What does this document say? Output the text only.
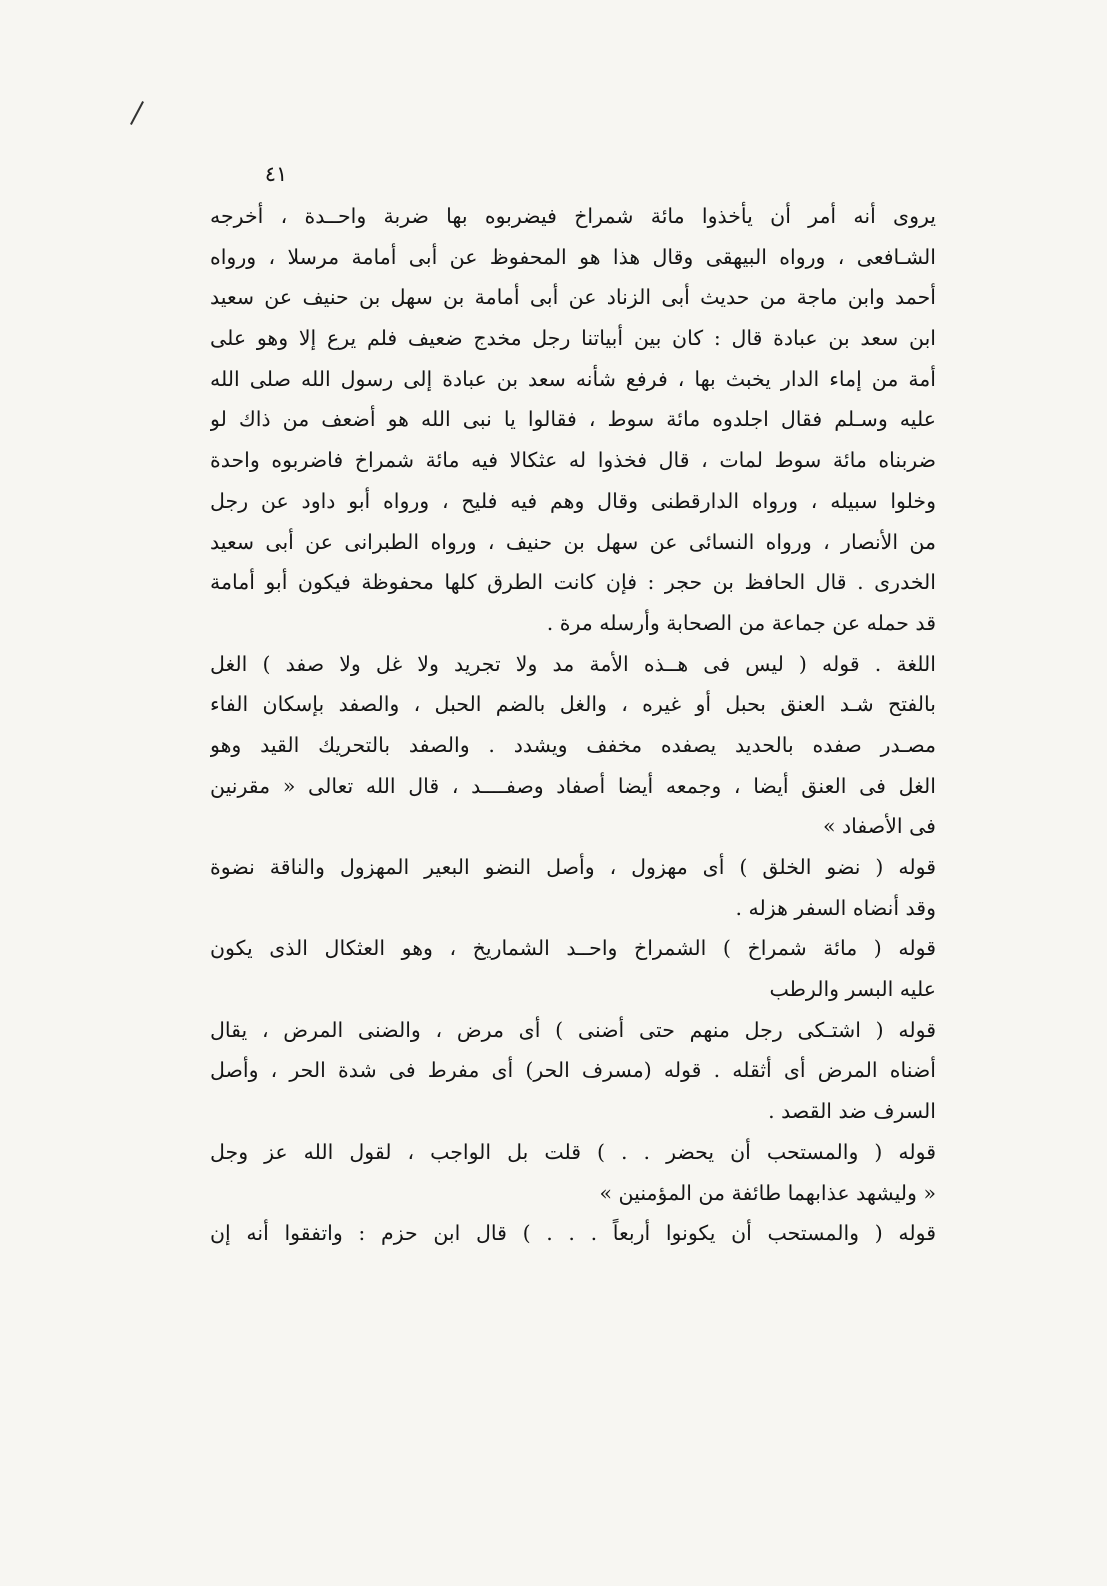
٤١
يروى أنه أمر أن يأخذوا مائة شمراخ فيضربوه بها ضربة واحــدة ، أخرجه
الشـافعى ، ورواه البيهقى وقال هذا هو المحفوظ عن أبى أمامة مرسلا ، ورواه
أحمد وابن ماجة من حديث أبى الزناد عن أبى أمامة بن سهل بن حنيف عن سعيد
ابن سعد بن عبادة قال : كان بين أبياتنا رجل مخدج ضعيف فلم يرع إلا وهو على
أمة من إماء الدار يخبث بها ، فرفع شأنه سعد بن عبادة إلى رسول الله صلى الله
عليه وسـلم فقال اجلدوه مائة سوط ، فقالوا يا نبى الله هو أضعف من ذاك لو
ضربناه مائة سوط لمات ، قال فخذوا له عثكالا فيه مائة شمراخ فاضربوه واحدة
وخلوا سبيله ، ورواه الدارقطنى وقال وهم فيه فليح ، ورواه أبو داود عن رجل
من الأنصار ، ورواه النسائى عن سهل بن حنيف ، ورواه الطبرانى عن أبى سعيد
الخدرى . قال الحافظ بن حجر : فإن كانت الطرق كلها محفوظة فيكون أبو أمامة
قد حمله عن جماعة من الصحابة وأرسله مرة .
اللغة . قوله ( ليس فى هــذه الأمة مد ولا تجريد ولا غل ولا صفد ) الغل
بالفتح شـد العنق بحبل أو غيره ، والغل بالضم الحبل ، والصفد بإسكان الفاء
مصـدر صفده بالحديد يصفده مخفف ويشدد . والصفد بالتحريك القيد وهو
الغل فى العنق أيضا ، وجمعه أيضا أصفاد وصفــــد ، قال الله تعالى « مقرنين
فى الأصفاد »
قوله ( نضو الخلق ) أى مهزول ، وأصل النضو البعير المهزول والناقة نضوة
وقد أنضاه السفر هزله .
قوله ( مائة شمراخ ) الشمراخ واحــد الشماريخ ، وهو العثكال الذى يكون
عليه البسر والرطب
قوله ( اشتـكى رجل منهم حتى أضنى ) أى مرض ، والضنى المرض ، يقال
أضناه المرض أى أثقله . قوله (مسرف الحر) أى مفرط فى شدة الحر ، وأصل
السرف ضد القصد .
قوله ( والمستحب أن يحضر . . ) قلت بل الواجب ، لقول الله عز وجل
« وليشهد عذابهما طائفة من المؤمنين »
قوله ( والمستحب أن يكونوا أربعاً . . . ) قال ابن حزم : واتفقوا أنه إن
